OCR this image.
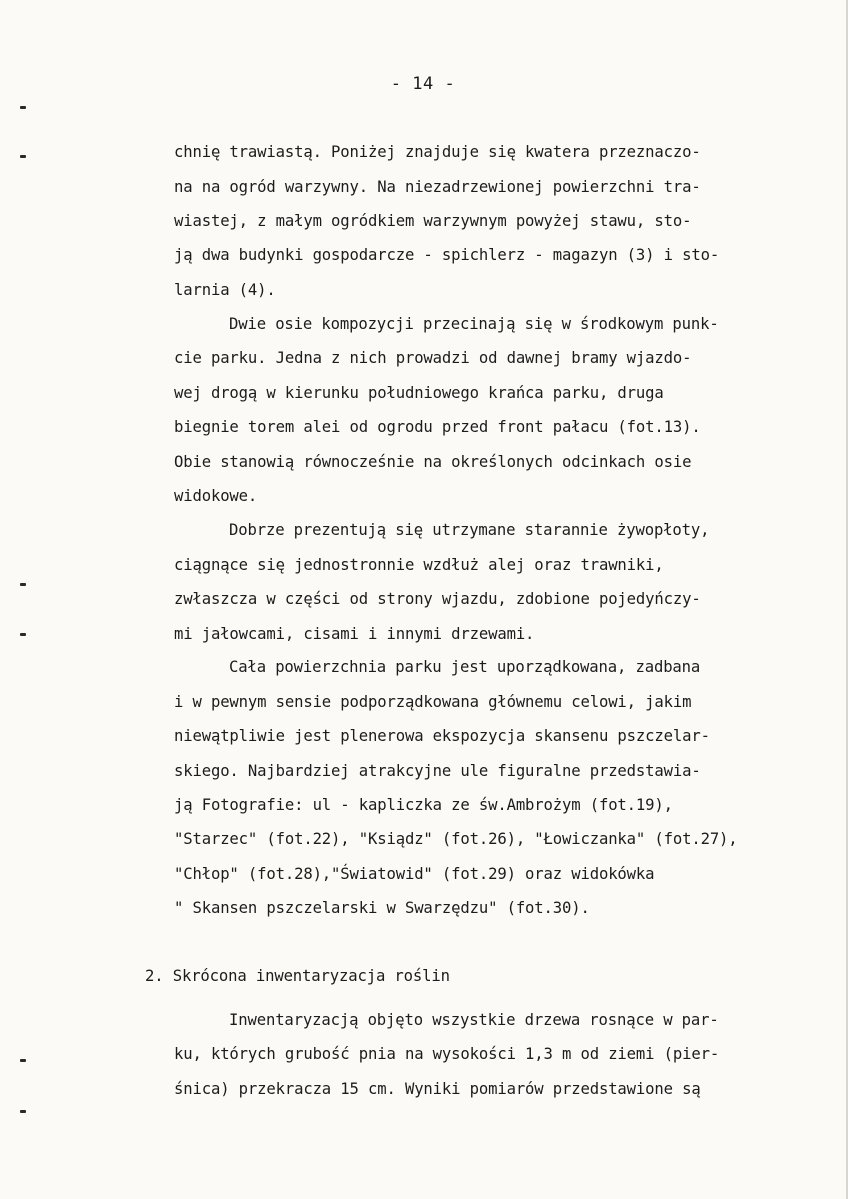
- 14 -
chnię trawiastą. Poniżej znajduje się kwatera przeznaczo-
na na ogród warzywny. Na niezadrzewionej powierzchni tra-
wiastej, z małym ogródkiem warzywnym powyżej stawu, sto-
ją dwa budynki gospodarcze - spichlerz - magazyn (3) i sto-
larnia (4).
Dwie osie kompozycji przecinają się w środkowym punk-
cie parku. Jedna z nich prowadzi od dawnej bramy wjazdo-
wej drogą w kierunku południowego krańca parku, druga
biegnie torem alei od ogrodu przed front pałacu (fot.13).
Obie stanowią równocześnie na określonych odcinkach osie
widokowe.
Dobrze prezentują się utrzymane starannie żywopłoty,
ciągnące się jednostronnie wzdłuż alej oraz trawniki,
zwłaszcza w części od strony wjazdu, zdobione pojedyńczy-
mi jałowcami, cisami i innymi drzewami.
Cała powierzchnia parku jest uporządkowana, zadbana
i w pewnym sensie podporządkowana głównemu celowi, jakim
niewątpliwie jest plenerowa ekspozycja skansenu pszczelar-
skiego. Najbardziej atrakcyjne ule figuralne przedstawia-
ją Fotografie: ul - kapliczka ze św.Ambrożym (fot.19),
"Starzec" (fot.22), "Ksiądz" (fot.26), "Łowiczanka" (fot.27),
"Chłop" (fot.28),"Światowid" (fot.29) oraz widokówka
" Skansen pszczelarski w Swarzędzu" (fot.30).
2. Skrócona inwentaryzacja roślin
Inwentaryzacją objęto wszystkie drzewa rosnące w par-
ku, których grubość pnia na wysokości 1,3 m od ziemi (pier-
śnica) przekracza 15 cm. Wyniki pomiarów przedstawione są
